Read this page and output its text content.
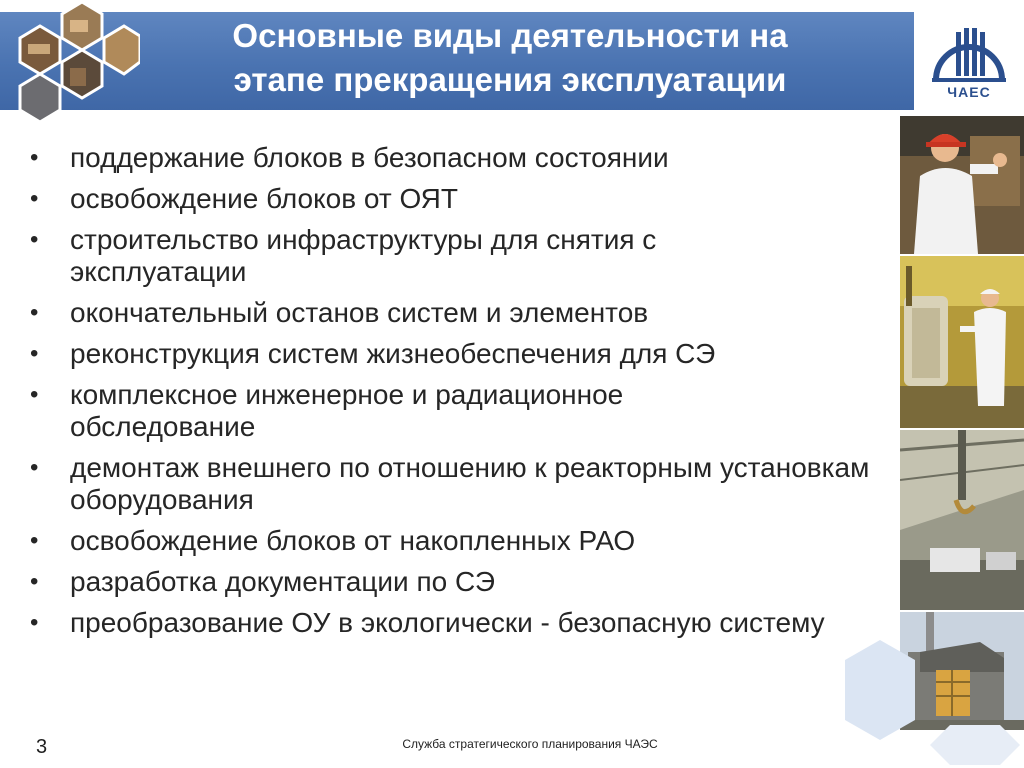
Основные виды деятельности на
этапе прекращения эксплуатации	ЧАЕС
• поддержание блоков в безопасном состоянии
• освобождение блоков от ОЯТ
• строительство инфраструктуры для снятия с эксплуатации
• окончательный останов систем и элементов
• реконструкция систем жизнеобеспечения для СЭ
• комплексное инженерное и радиационное обследование
• демонтаж внешнего по отношению к реакторным установкам оборудования
• освобождение блоков от накопленных РАО
• разработка документации по СЭ
• преобразование ОУ в экологически - безопасную систему
3	Служба стратегического планирования ЧАЭС
